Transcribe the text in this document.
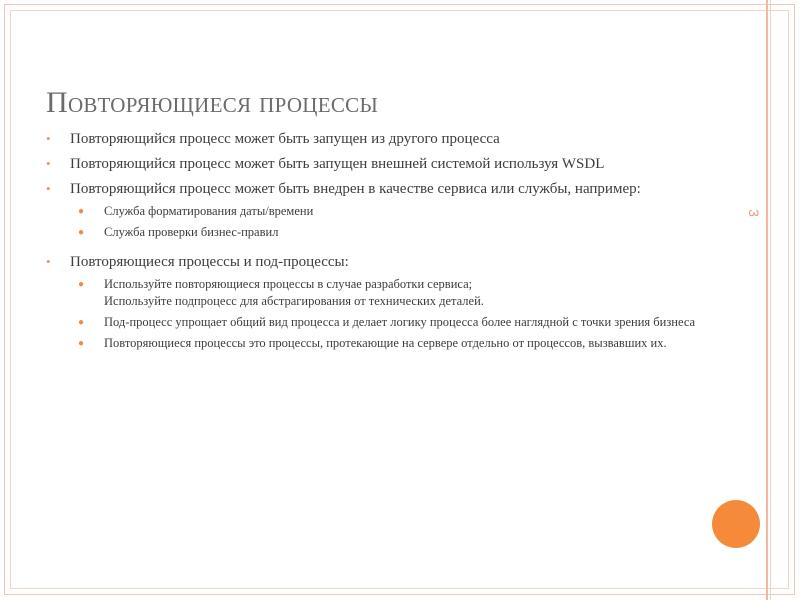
3
Повторяющиеся процессы
• Повторяющийся процесс может быть запущен из другого процесса
• Повторяющийся процесс может быть запущен внешней системой используя WSDL
• Повторяющийся процесс может быть внедрен в качестве сервиса или службы, например:
● Служба форматирования даты/времени
● Служба проверки бизнес-правил
• Повторяющиеся процессы и под-процессы:
● Используйте повторяющиеся процессы в случае разработки сервиса;
Используйте подпроцесс для абстрагирования от технических деталей.
● Под-процесс упрощает общий вид процесса и делает логику процесса более наглядной с точки зрения бизнеса
● Повторяющиеся процессы это процессы, протекающие на сервере отдельно от процессов, вызвавших их.
